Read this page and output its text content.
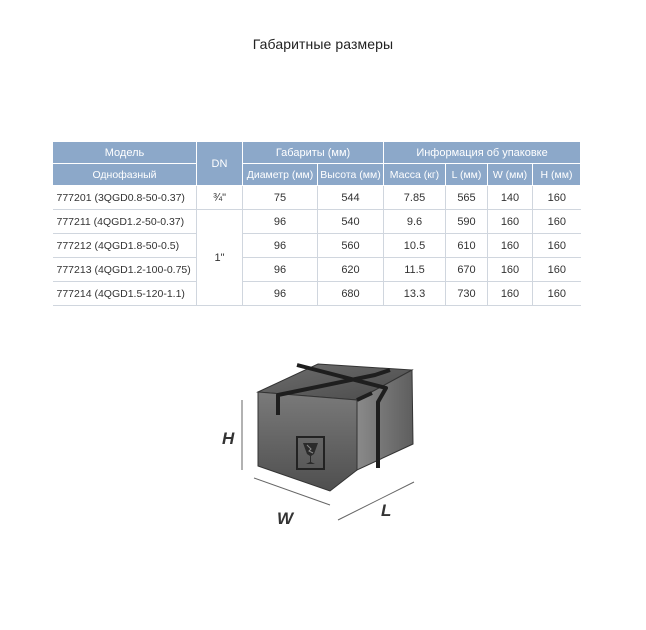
Габаритные размеры
Модель	DN	Габариты (мм)		Информация об упаковке			
Однофазный		Диаметр (мм)	Высота (мм)	Масса (кг)	L (мм)	W (мм)	H (мм)
777201 (3QGD0.8-50-0.37)	¾"	75	544	7.85	565	140	160
777211 (4QGD1.2-50-0.37)	1"	96	540	9.6	590	160	160
777212 (4QGD1.8-50-0.5)		96	560	10.5	610	160	160
777213 (4QGD1.2-100-0.75)		96	620	11.5	670	160	160
777214 (4QGD1.5-120-1.1)		96	680	13.3	730	160	160
H
W	L
